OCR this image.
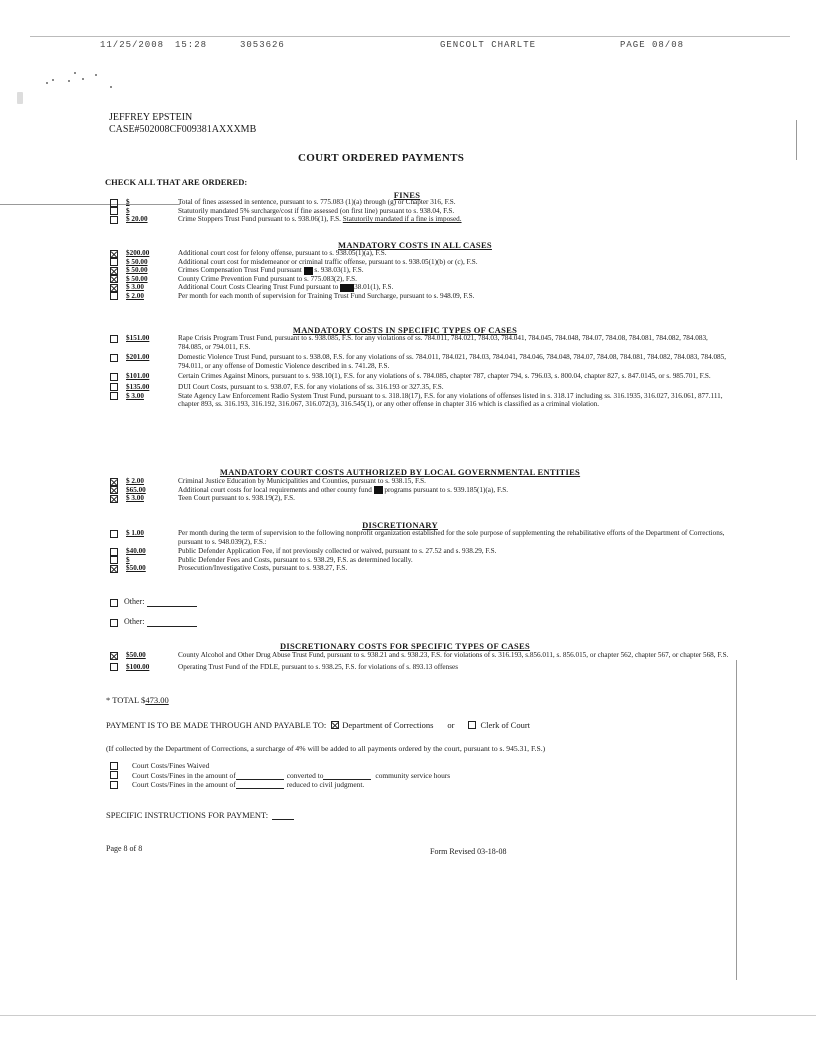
11/25/2008 15:28	3053626	GENCOLT CHARLTE	PAGE 08/08
JEFFREY EPSTEIN
CASE#502008CF009381AXXXMB
COURT ORDERED PAYMENTS
CHECK ALL THAT ARE ORDERED:
FINES
$	Total of fines assessed in sentence, pursuant to s. 775.083 (1)(a) through (g) or Chapter 316, F.S.
$	Statutorily mandated 5% surcharge/cost if fine assessed (on first line) pursuant to s. 938.04, F.S.
$ 20.00	Crime Stoppers Trust Fund pursuant to s. 938.06(1), F.S. Statutorily mandated if a fine is imposed.
MANDATORY COSTS IN ALL CASES
$200.00	Additional court cost for felony offense, pursuant to s. 938.05(1)(a), F.S.
$ 50.00	Additional court cost for misdemeanor or criminal traffic offense, pursuant to s. 938.05(1)(b) or (c), F.S.
$ 50.00	Crimes Compensation Trust Fund pursuant s. 938.03(1), F.S.
$ 50.00	County Crime Prevention Fund pursuant to s. 775.083(2), F.S.
$ 3.00	Additional Court Costs Clearing Trust Fund pursuant to 38.01(1), F.S.
$ 2.00	Per month for each month of supervision for Training Trust Fund Surcharge, pursuant to s. 948.09, F.S.
MANDATORY COSTS IN SPECIFIC TYPES OF CASES
$151.00	Rape Crisis Program Trust Fund, pursuant to s. 938.085, F.S. for any violations of ss. 784.011, 784.021, 784.03, 784.041, 784.045, 784.048, 784.07, 784.08, 784.081, 784.082, 784.083, 784.085, or 794.011, F.S.
$201.00	Domestic Violence Trust Fund, pursuant to s. 938.08, F.S. for any violations of ss. 784.011, 784.021, 784.03, 784.041, 784.046, 784.048, 784.07, 784.08, 784.081, 784.082, 784.083, 784.085, 794.011, or any offense of Domestic Violence described in s. 741.28, F.S.
$101.00	Certain Crimes Against Minors, pursuant to s. 938.10(1), F.S. for any violations of s. 784.085, chapter 787, chapter 794, s. 796.03, s. 800.04, chapter 827, s. 847.0145, or s. 985.701, F.S.
$135.00	DUI Court Costs, pursuant to s. 938.07, F.S. for any violations of ss. 316.193 or 327.35, F.S.
$ 3.00	State Agency Law Enforcement Radio System Trust Fund, pursuant to s. 318.18(17), F.S. for any violations of offenses listed in s. 318.17 including ss. 316.1935, 316.027, 316.061, 877.111, chapter 893, ss. 316.193, 316.192, 316.067, 316.072(3), 316.545(1), or any other offense in chapter 316 which is classified as a criminal violation.
MANDATORY COURT COSTS AUTHORIZED BY LOCAL GOVERNMENTAL ENTITIES
$ 2.00	Criminal Justice Education by Municipalities and Counties, pursuant to s. 938.15, F.S.
$65.00	Additional court costs for local requirements and other county fund programs pursuant to s. 939.185(1)(a), F.S.
$ 3.00	Teen Court pursuant to s. 938.19(2), F.S.
DISCRETIONARY
$ 1.00	Per month during the term of supervision to the following nonprofit organization established for the sole purpose of supplementing the rehabilitative efforts of the Department of Corrections, pursuant to s. 948.039(2), F.S.:
$40.00	Public Defender Application Fee, if not previously collected or waived, pursuant to s. 27.52 and s. 938.29, F.S.
$	Public Defender Fees and Costs, pursuant to s. 938.29, F.S. as determined locally.
$50.00	Prosecution/Investigative Costs, pursuant to s. 938.27, F.S.
Other:
Other:
DISCRETIONARY COSTS FOR SPECIFIC TYPES OF CASES
$50.00	County Alcohol and Other Drug Abuse Trust Fund, pursuant to s. 938.21 and s. 938.23, F.S. for violations of s. 316.193, s.856.011, s. 856.015, or chapter 562, chapter 567, or chapter 568, F.S.
$100.00	Operating Trust Fund of the FDLE, pursuant to s. 938.25, F.S. for violations of s. 893.13 offenses
* TOTAL $473.00
PAYMENT IS TO BE MADE THROUGH AND PAYABLE TO: Department of Corrections or	Clerk of Court
(If collected by the Department of Corrections, a surcharge of 4% will be added to all payments ordered by the court, pursuant to s. 945.31, F.S.)
Court Costs/Fines Waived
Court Costs/Fines in the amount of	converted to	community service hours
Court Costs/Fines in the amount of	reduced to civil judgment.
SPECIFIC INSTRUCTIONS FOR PAYMENT:
Page 8 of 8	Form Revised 03-18-08
